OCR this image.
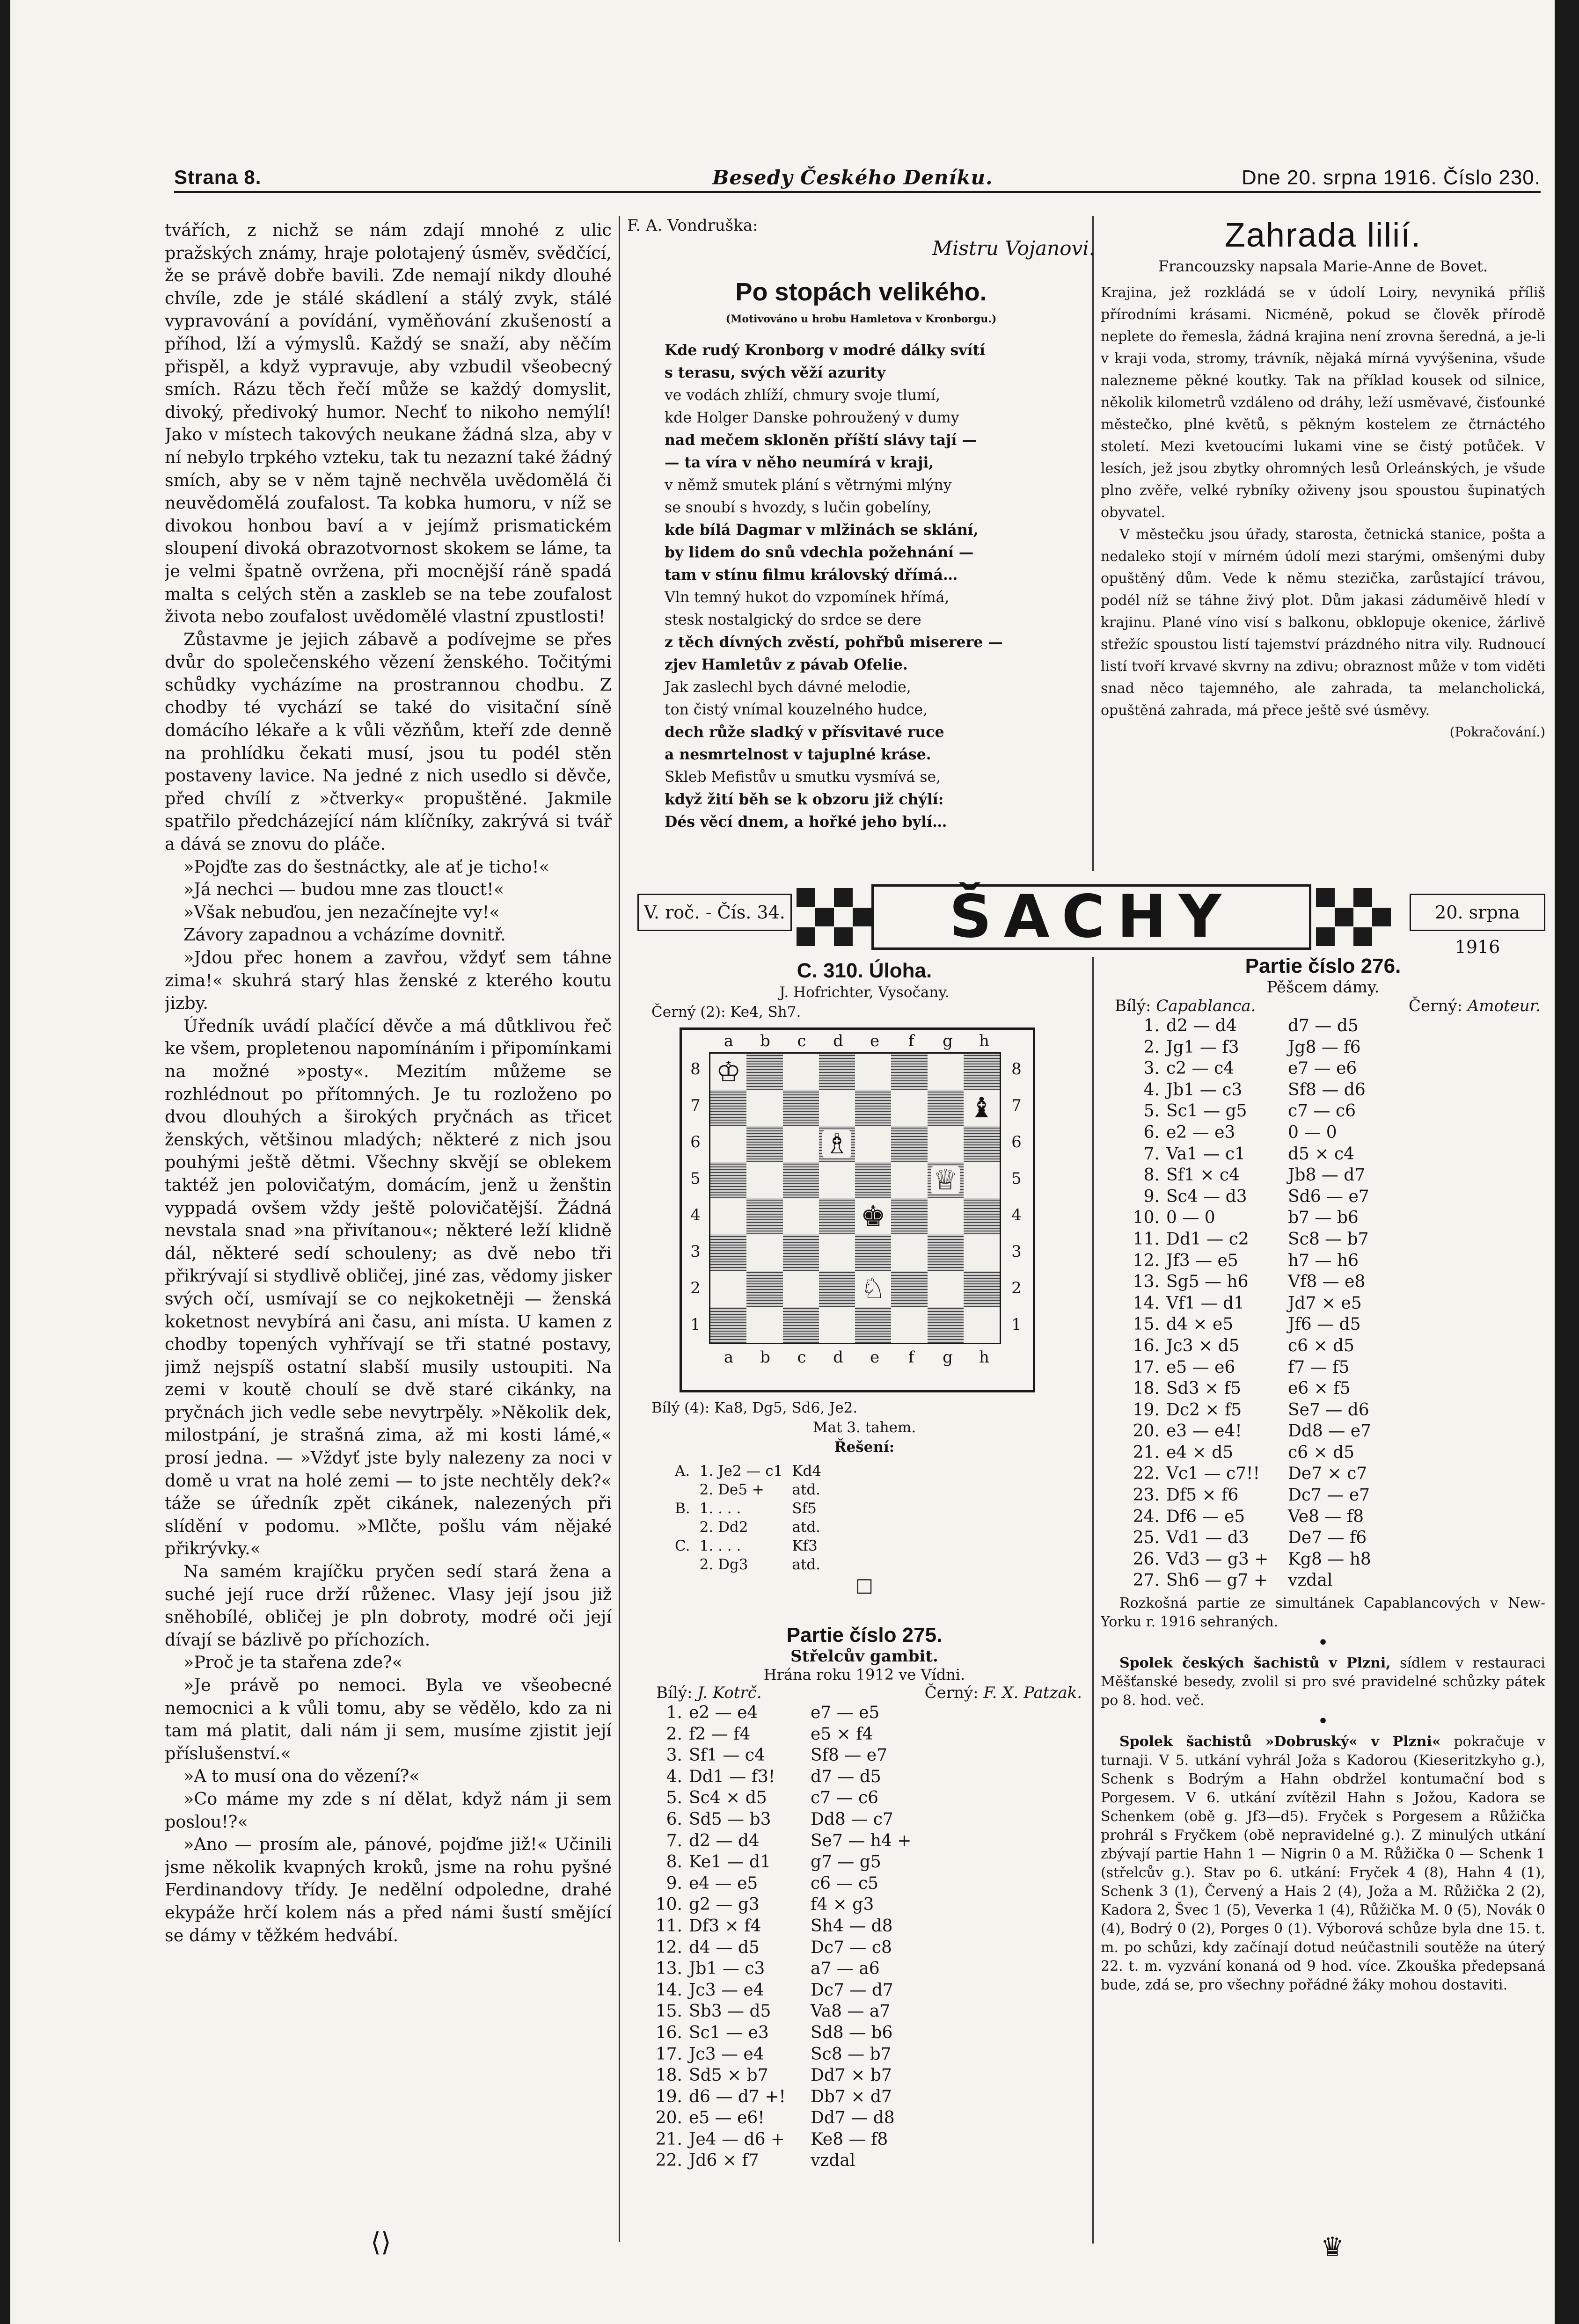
Strana 8.	Besedy Českého Deníku.	Dne 20. srpna 1916. Číslo 230.

tvářích, z nichž se nám zdají mnohé z ulic pražských známy, hraje polotajený úsměv, svědčící, že se právě dobře bavili. Zde nemají nikdy dlouhé chvíle, zde je stálé skádlení a stálý zvyk, stálé vypravování a povídání, vyměňování zkušeností a příhod, lží a výmyslů. Každý se snaží, aby něčím přispěl, a když vypravuje, aby vzbudil všeobecný smích. Rázu těch řečí může se každý domyslit, divoký, předivoký humor. Nechť to nikoho nemýlí! Jako v místech takových neukane žádná slza, aby v ní nebylo trpkého vzteku, tak tu nezazní také žádný smích, aby se v něm tajně nechvěla uvědomělá či neuvědomělá zoufalost. Ta kobka humoru, v níž se divokou honbou baví a v jejímž prismatickém sloupení divoká obrazotvornost skokem se láme, ta je velmi špatně ovržena, při mocnější ráně spadá malta s celých stěn a zaskleb se na tebe zoufalost života nebo zoufalost uvědomělé vlastní zpustlosti!

Zůstavme je jejich zábavě a podívejme se přes dvůr do společenského vězení ženského. Točitými schůdky vycházíme na prostrannou chodbu. Z chodby té vychází se také do visitační síně domácího lékaře a k vůli vězňům, kteří zde denně na prohlídku čekati musí, jsou tu podél stěn postaveny lavice. Na jedné z nich usedlo si děvče, před chvílí z »čtverky« propuštěné. Jakmile spatřilo předcházející nám klíčníky, zakrývá si tvář a dává se znovu do pláče.

»Pojďte zas do šestnáctky, ale ať je ticho!«

»Já nechci — budou mne zas tlouct!«

»Však nebuďou, jen nezačínejte vy!«

Závory zapadnou a vcházíme dovnitř.

»Jdou přec honem a zavřou, vždyť sem táhne zima!« skuhrá starý hlas ženské z kterého koutu jizby.

Úředník uvádí plačící děvče a má důtklivou řeč ke všem, propletenou napomínáním i připomínkami na možné »posty«. Mezitím můžeme se rozhlédnout po přítomných. Je tu rozloženo po dvou dlouhých a širokých pryčnách as třicet ženských, většinou mladých; některé z nich jsou pouhými ještě dětmi. Všechny skvějí se oblekem taktéž jen polovičatým, domácím, jenž u ženštin vyppadá ovšem vždy ještě polovičatější. Žádná nevstala snad »na přivítanou«; některé leží klidně dál, některé sedí schouleny; as dvě nebo tři přikrývají si stydlivě obličej, jiné zas, vědomy jisker svých očí, usmívají se co nejkoketněji — ženská koketnost nevybírá ani času, ani místa. U kamen z chodby topených vyhřívají se tři statné postavy, jimž nejspíš ostatní slabší musily ustoupiti. Na zemi v koutě choulí se dvě staré cikánky, na pryčnách jich vedle sebe nevytrpěly. »Několik dek, milostpání, je strašná zima, až mi kosti lámé,« prosí jedna. — »Vždyť jste byly nalezeny za noci v domě u vrat na holé zemi — to jste nechtěly dek?« táže se úředník zpět cikánek, nalezených při slídění v podomu. »Mlčte, pošlu vám nějaké přikrývky.«

Na samém krajíčku pryčen sedí stará žena a suché její ruce drží růženec. Vlasy její jsou již sněhobílé, obličej je pln dobroty, modré oči její dívají se bázlivě po příchozích.

»Proč je ta stařena zde?«

»Je právě po nemoci. Byla ve všeobecné nemocnici a k vůli tomu, aby se vědělo, kdo za ni tam má platit, dali nám ji sem, musíme zjistit její příslušenství.«

»A to musí ona do vězení?«

»Co máme my zde s ní dělat, když nám ji sem poslou!?«

»Ano — prosím ale, pánové, pojďme již!« Učinili jsme několik kvapných kroků, jsme na rohu pyšné Ferdinandovy třídy. Je nedělní odpoledne, drahé ekypáže hrčí kolem nás a před námi šustí smějící se dámy v těžkém hedvábí.

F. A. Vondruška:
Mistru Vojanovi.
Po stopách velikého.
(Motivováno u hrobu Hamletova v Kronborgu.)
Kde rudý Kronborg v modré dálky svítí
s terasu, svých věží azurity
ve vodách zhlíží, chmury svoje tlumí,
kde Holger Danske pohroužený v dumy
nad mečem skloněn příští slávy tají —
— ta víra v něho neumírá v kraji,
v němž smutek plání s větrnými mlýny
se snoubí s hvozdy, s lučin gobelíny,
kde bílá Dagmar v mlžinách se sklání,
by lidem do snů vdechla požehnání —
tam v stínu filmu královský dřímá…
Vln temný hukot do vzpomínek hřímá,
stesk nostalgický do srdce se dere
z těch dívných zvěstí, pohřbů miserere —
zjev Hamletův z pávab Ofelie.
Jak zaslechl bych dávné melodie,
ton čistý vnímal kouzelného hudce,
dech růže sladký v přísvitavé ruce
a nesmrtelnost v tajuplné kráse.
Skleb Mefistův u smutku vysmívá se,
když žití běh se k obzoru již chýlí:
Dés věcí dnem, a hořké jeho bylí…
Zahrada lilií.
Francouzsky napsala Marie-Anne de Bovet.

Krajina, jež rozkládá se v údolí Loiry, nevyniká příliš přírodními krásami. Nicméně, pokud se člověk přírodě neplete do řemesla, žádná krajina není zrovna šeredná, a je-li v kraji voda, stromy, trávník, nějaká mírná vyvýšenina, všude nalezneme pěkné koutky. Tak na příklad kousek od silnice, několik kilometrů vzdáleno od dráhy, leží usměvavé, čisťounké městečko, plné květů, s pěkným kostelem ze čtrnáctého století. Mezi kvetoucími lukami vine se čistý potůček. V lesích, jež jsou zbytky ohromných lesů Orleánských, je všude plno zvěře, velké rybníky oživeny jsou spoustou šupinatých obyvatel.

V městečku jsou úřady, starosta, četnická stanice, pošta a nedaleko stojí v mírném údolí mezi starými, omšenými duby opuštěný dům. Vede k němu stezička, zarůstající trávou, podél níž se táhne živý plot. Dům jakasi záduměivě hledí v krajinu. Plané víno visí s balkonu, obklopuje okenice, žárlivě střežíc spoustou listí tajemství prázdného nitra vily. Rudnoucí listí tvoří krvavé skvrny na zdivu; obraznost může v tom viděti snad něco tajemného, ale zahrada, ta melancholická, opuštěná zahrada, má přece ještě své úsměvy.

(Pokračování.)
V. roč. - Čís. 34.	ŠACHY	20. srpna 1916
C. 310. Úloha.
J. Hofrichter, Vysočany.
Černý (2): Ke4, Sh7.
♔
♝
♗
♕
♚
♘
a
a
b
b
c
c
d
d
e
e
f
f
g
g
h
h
8	8
7	7
6	6
5	5
4	4
3	3
2	2
1	1
Bílý (4): Ka8, Dg5, Sd6, Je2.
Mat 3. tahem.
Řešení:
A.	1. Je2 — c1	Kd4
	2. De5 +	atd.
B.	1. . . .	Sf5
	2. Dd2	atd.
C.	1. . . .	Kf3
	2. Dg3	atd.
□
Partie číslo 275.
Střelcův gambit.
Hrána roku 1912 ve Vídni.
Bílý: J. Kotrč.	Černý: F. X. Patzak.
1.	e2 — e4	e7 — e5
2.	f2 — f4	e5 × f4
3.	Sf1 — c4	Sf8 — e7
4.	Dd1 — f3!	d7 — d5
5.	Sc4 × d5	c7 — c6
6.	Sd5 — b3	Dd8 — c7
7.	d2 — d4	Se7 — h4 +
8.	Ke1 — d1	g7 — g5
9.	e4 — e5	c6 — c5
10.	g2 — g3	f4 × g3
11.	Df3 × f4	Sh4 — d8
12.	d4 — d5	Dc7 — c8
13.	Jb1 — c3	a7 — a6
14.	Jc3 — e4	Dc7 — d7
15.	Sb3 — d5	Va8 — a7
16.	Sc1 — e3	Sd8 — b6
17.	Jc3 — e4	Sc8 — b7
18.	Sd5 × b7	Dd7 × b7
19.	d6 — d7 +!	Db7 × d7
20.	e5 — e6!	Dd7 — d8
21.	Je4 — d6 +	Ke8 — f8
22.	Jd6 × f7	vzdal
Partie číslo 276.
Pěšcem dámy.
Bílý: Capablanca.	Černý: Amoteur.
1.	d2 — d4	d7 — d5
2.	Jg1 — f3	Jg8 — f6
3.	c2 — c4	e7 — e6
4.	Jb1 — c3	Sf8 — d6
5.	Sc1 — g5	c7 — c6
6.	e2 — e3	0 — 0
7.	Va1 — c1	d5 × c4
8.	Sf1 × c4	Jb8 — d7
9.	Sc4 — d3	Sd6 — e7
10.	0 — 0	b7 — b6
11.	Dd1 — c2	Sc8 — b7
12.	Jf3 — e5	h7 — h6
13.	Sg5 — h6	Vf8 — e8
14.	Vf1 — d1	Jd7 × e5
15.	d4 × e5	Jf6 — d5
16.	Jc3 × d5	c6 × d5
17.	e5 — e6	f7 — f5
18.	Sd3 × f5	e6 × f5
19.	Dc2 × f5	Se7 — d6
20.	e3 — e4!	Dd8 — e7
21.	e4 × d5	c6 × d5
22.	Vc1 — c7!!	De7 × c7
23.	Df5 × f6	Dc7 — e7
24.	Df6 — e5	Ve8 — f8
25.	Vd1 — d3	De7 — f6
26.	Vd3 — g3 +	Kg8 — h8
27.	Sh6 — g7 +	vzdal

Rozkošná partie ze simultánek Capablancových v New-Yorku r. 1916 sehraných.

•

Spolek českých šachistů v Plzni, sídlem v restauraci Měšťanské besedy, zvolil si pro své pravidelné schůzky pátek po 8. hod. več.

•

Spolek šachistů »Dobruský« v Plzni« pokračuje v turnaji. V 5. utkání vyhrál Joža s Kadorou (Kieseritzkyho g.), Schenk s Bodrým a Hahn obdržel kontumační bod s Porgesem. V 6. utkání zvítězil Hahn s Jožou, Kadora se Schenkem (obě g. Jf3—d5). Fryček s Porgesem a Růžička prohrál s Fryčkem (obě nepravidelné g.). Z minulých utkání zbývají partie Hahn 1 — Nigrin 0 a M. Růžička 0 — Schenk 1 (střelcův g.). Stav po 6. utkání: Fryček 4 (8), Hahn 4 (1), Schenk 3 (1), Červený a Hais 2 (4), Joža a M. Růžička 2 (2), Kadora 2, Švec 1 (5), Veverka 1 (4), Růžička M. 0 (5), Novák 0 (4), Bodrý 0 (2), Porges 0 (1). Výborová schůze byla dne 15. t. m. po schůzi, kdy začínají dotud neúčastnili soutěže na úterý 22. t. m. vyzvání konaná od 9 hod. více. Zkouška předepsaná bude, zdá se, pro všechny pořádné žáky mohou dostaviti.

⟨⟩	♛
